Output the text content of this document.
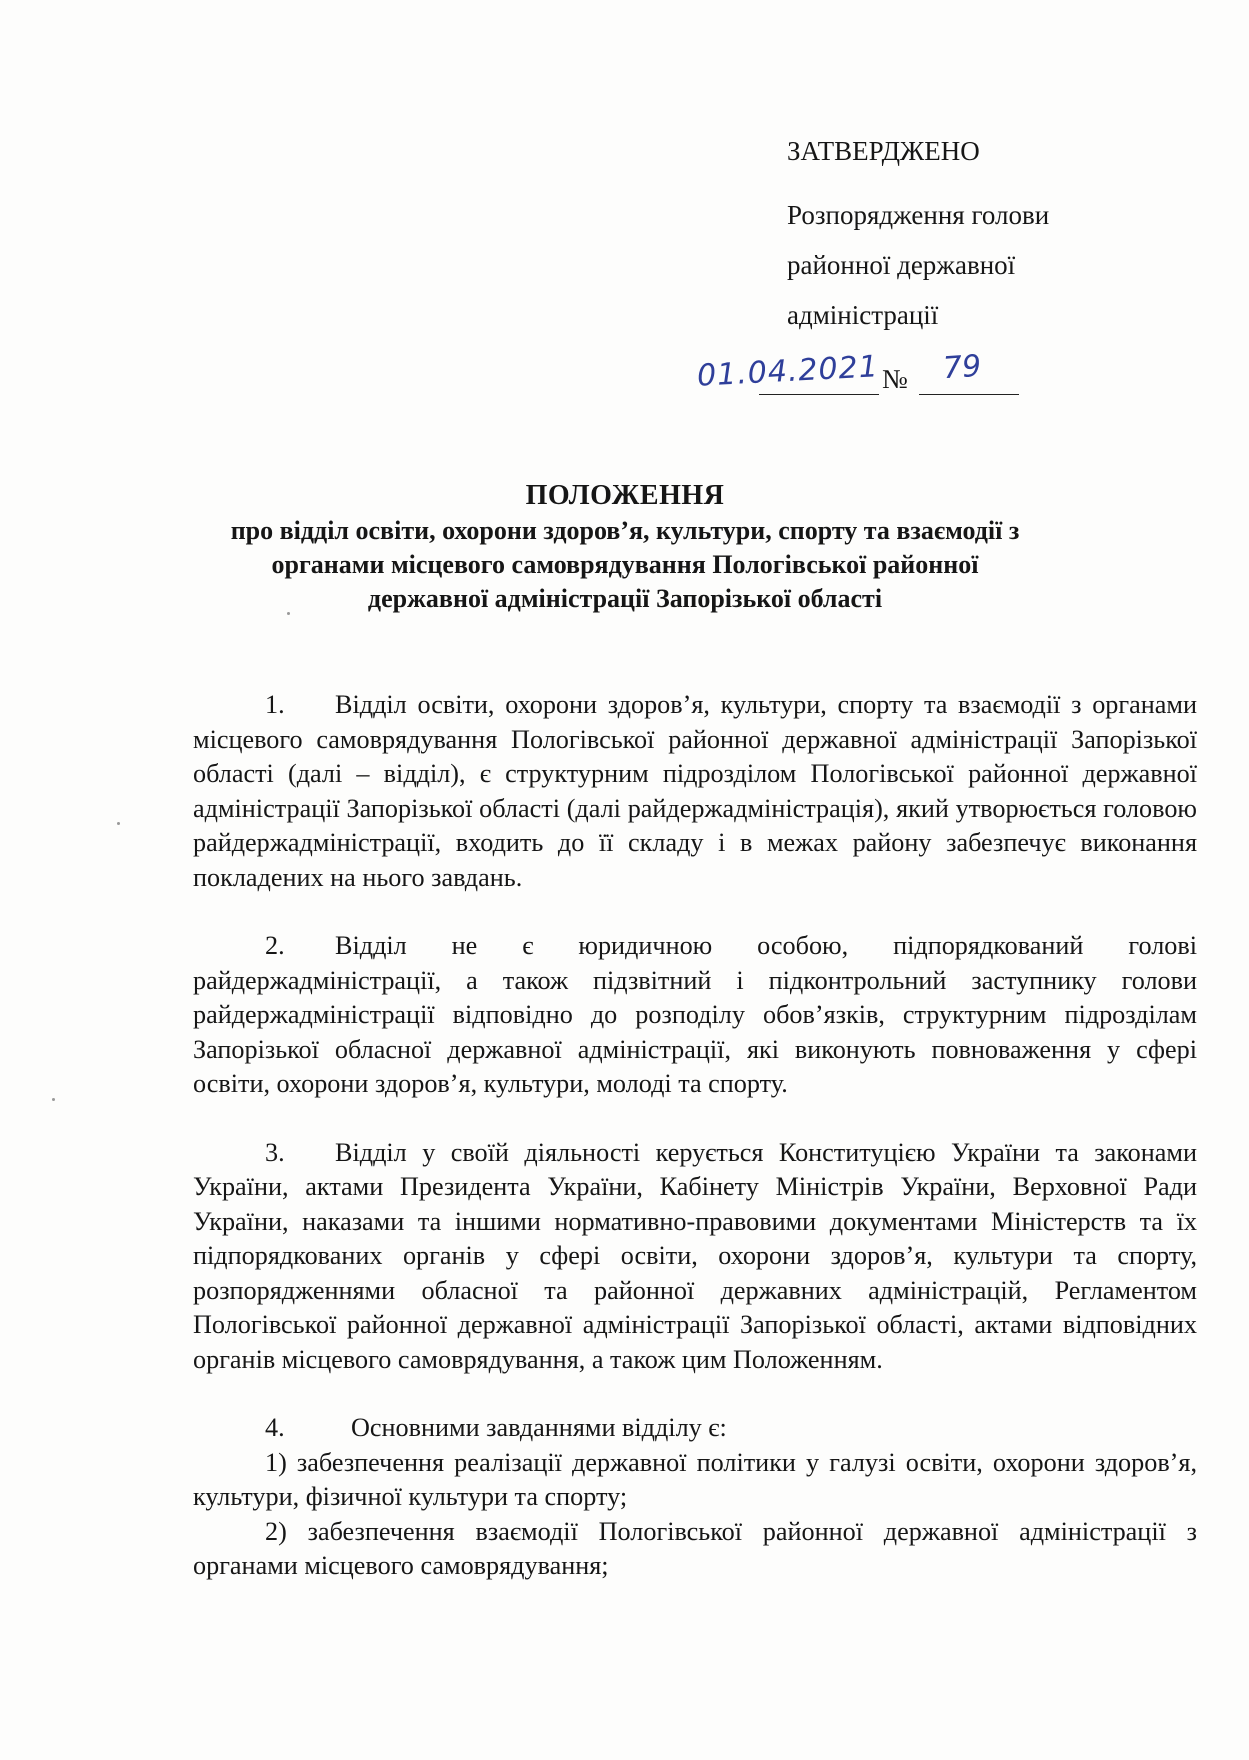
ЗАТВЕРДЖЕНО
Розпорядження голови
районної державної
адміністрації
01.04.2021 № 79
ПОЛОЖЕННЯ
про відділ освіти, охорони здоров’я, культури, спорту та взаємодії з
органами місцевого самоврядування Пологівської районної
державної адміністрації Запорізької області

1. Відділ освіти, охорони здоров’я, культури, спорту та взаємодії з органами місцевого самоврядування Пологівської районної державної адміністрації Запорізької області (далі – відділ), є структурним підрозділом Пологівської районної державної адміністрації Запорізької області (далі райдержадміністрація), який утворюється головою райдержадміністрації, входить до її складу і в межах району забезпечує виконання покладених на нього завдань.

2. Відділ не є юридичною особою, підпорядкований голові райдержадміністрації, а також підзвітний і підконтрольний заступнику голови райдержадміністрації відповідно до розподілу обов’язків, структурним підрозділам Запорізької обласної державної адміністрації, які виконують повноваження у сфері освіти, охорони здоров’я, культури, молоді та спорту.

3. Відділ у своїй діяльності керується Конституцією України та законами України, актами Президента України, Кабінету Міністрів України, Верховної Ради України, наказами та іншими нормативно-правовими документами Міністерств та їх підпорядкованих органів у сфері освіти, охорони здоров’я, культури та спорту, розпорядженнями обласної та районної державних адміністрацій, Регламентом Пологівської районної державної адміністрації Запорізької області, актами відповідних органів місцевого самоврядування, а також цим Положенням.

4.	Основними завданнями відділу є:

1) забезпечення реалізації державної політики у галузі освіти, охорони здоров’я, культури, фізичної культури та спорту;

2) забезпечення взаємодії Пологівської районної державної адміністрації з органами місцевого самоврядування;
